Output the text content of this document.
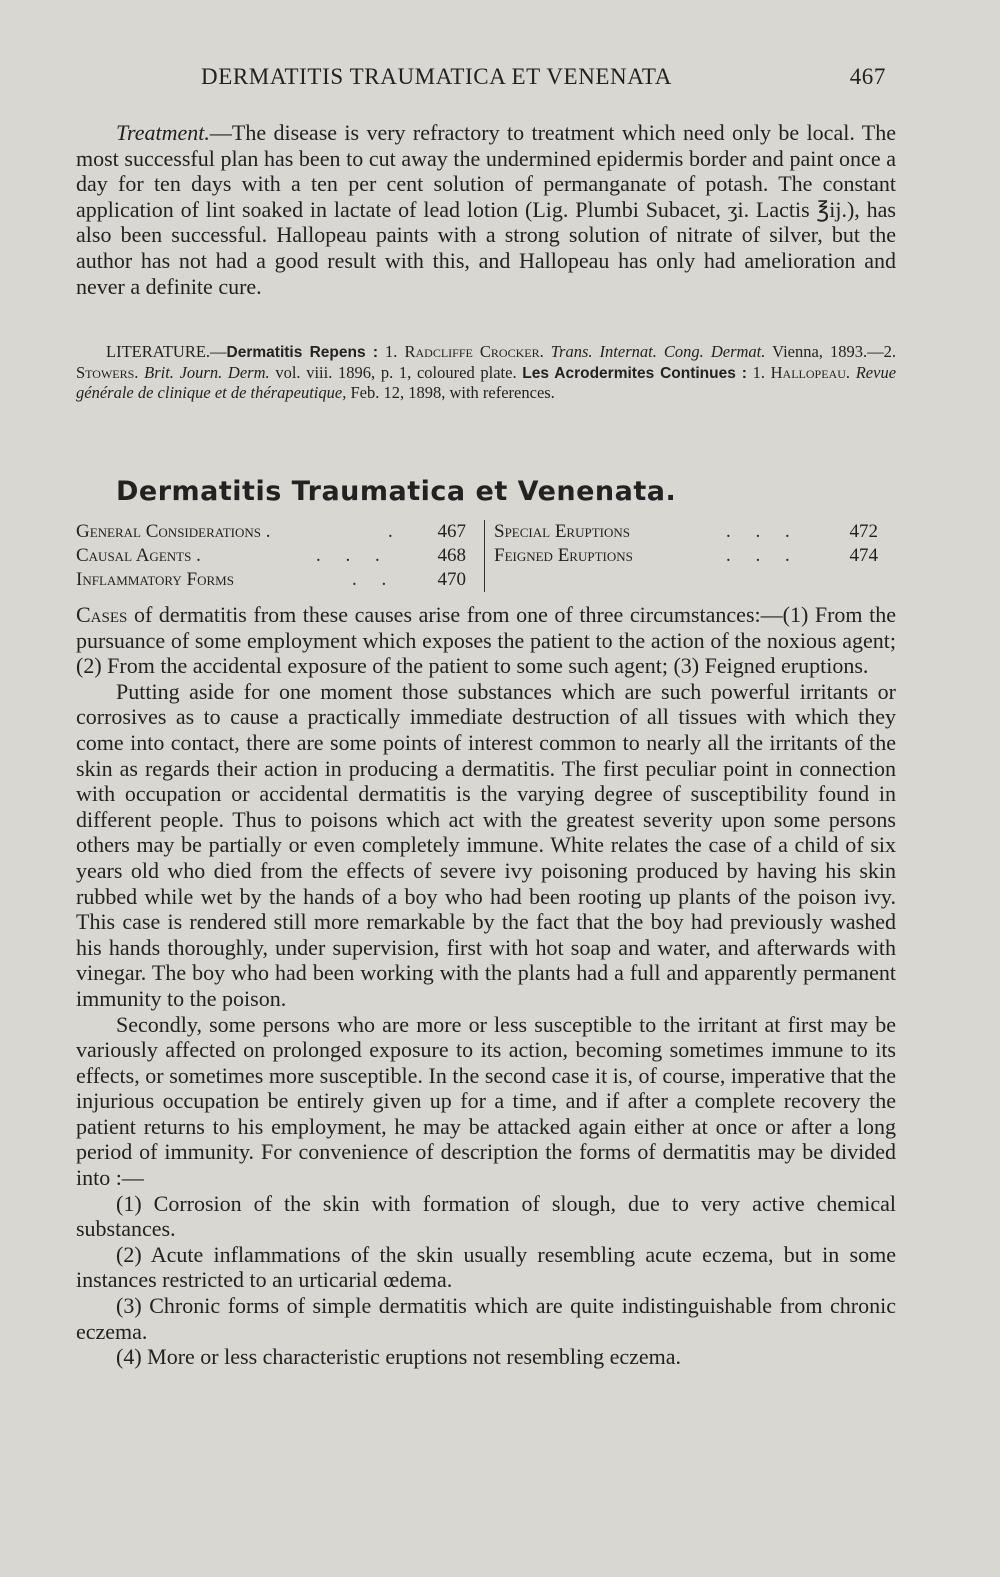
DERMATITIS TRAUMATICA ET VENENATA	467

Treatment.—The disease is very refractory to treatment which need only be local. The most successful plan has been to cut away the undermined epidermis border and paint once a day for ten days with a ten per cent solution of permanganate of potash. The constant application of lint soaked in lactate of lead lotion (Lig. Plumbi Subacet, ʒi. Lactis ℥ij.), has also been successful. Hallopeau paints with a strong solution of nitrate of silver, but the author has not had a good result with this, and Hallopeau has only had amelioration and never a definite cure.

LITERATURE.—Dermatitis Repens : 1. Radcliffe Crocker. Trans. Internat. Cong. Dermat. Vienna, 1893.—2. Stowers. Brit. Journ. Derm. vol. viii. 1896, p. 1, coloured plate. Les Acrodermites Continues : 1. Hallopeau. Revue générale de clinique et de thérapeutique, Feb. 12, 1898, with references.
Dermatitis Traumatica et Venenata.
General Considerations .	. 467
Causal Agents .	. . .	468
Inflammatory Forms	. . 470
Special Eruptions	. . .	472
Feigned Eruptions	. . .	474

Cases of dermatitis from these causes arise from one of three circumstances:—(1) From the pursuance of some employment which exposes the patient to the action of the noxious agent; (2) From the accidental exposure of the patient to some such agent; (3) Feigned eruptions.

Putting aside for one moment those substances which are such powerful irritants or corrosives as to cause a practically immediate destruction of all tissues with which they come into contact, there are some points of interest common to nearly all the irritants of the skin as regards their action in producing a dermatitis. The first peculiar point in connection with occupation or accidental dermatitis is the varying degree of susceptibility found in different people. Thus to poisons which act with the greatest severity upon some persons others may be partially or even completely immune. White relates the case of a child of six years old who died from the effects of severe ivy poisoning produced by having his skin rubbed while wet by the hands of a boy who had been rooting up plants of the poison ivy. This case is rendered still more remarkable by the fact that the boy had previously washed his hands thoroughly, under supervision, first with hot soap and water, and afterwards with vinegar. The boy who had been working with the plants had a full and apparently permanent immunity to the poison.

Secondly, some persons who are more or less susceptible to the irritant at first may be variously affected on prolonged exposure to its action, becoming sometimes immune to its effects, or sometimes more susceptible. In the second case it is, of course, imperative that the injurious occupation be entirely given up for a time, and if after a complete recovery the patient returns to his employment, he may be attacked again either at once or after a long period of immunity. For convenience of description the forms of dermatitis may be divided into :—

(1) Corrosion of the skin with formation of slough, due to very active chemical substances.

(2) Acute inflammations of the skin usually resembling acute eczema, but in some instances restricted to an urticarial œdema.

(3) Chronic forms of simple dermatitis which are quite indistinguishable from chronic eczema.

(4) More or less characteristic eruptions not resembling eczema.
